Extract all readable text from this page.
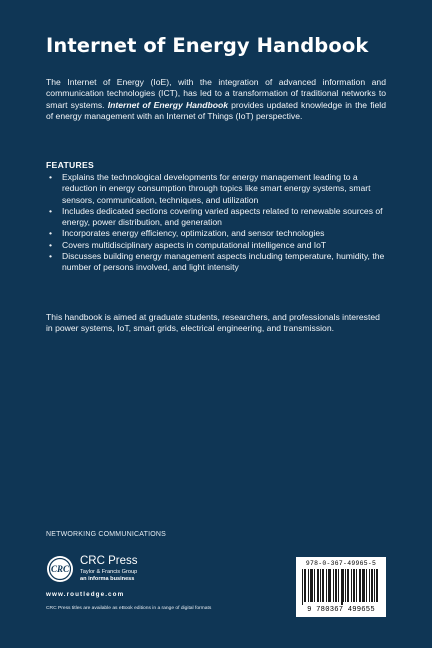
Internet of Energy Handbook

The Internet of Energy (IoE), with the integration of advanced information and communication technologies (ICT), has led to a transformation of traditional networks to smart systems. Internet of Energy Handbook provides updated knowledge in the field of energy management with an Internet of Things (IoT) perspective.

FEATURES
• Explains the technological developments for energy management leading to a reduction in energy consumption through topics like smart energy systems, smart sensors, communication, techniques, and utilization
• Includes dedicated sections covering varied aspects related to renewable sources of energy, power distribution, and generation
• Incorporates energy efficiency, optimization, and sensor technologies
• Covers multidisciplinary aspects in computational intelligence and IoT
• Discusses building energy management aspects including temperature, humidity, the number of persons involved, and light intensity

This handbook is aimed at graduate students, researchers, and professionals interested in power systems, IoT, smart grids, electrical engineering, and transmission.

NETWORKING COMMUNICATIONS
CRC
CRC Press
Taylor & Francis Group
an informa business
www.routledge.com
CRC Press titles are available as eBook editions in a range of digital formats
978-0-367-49965-5
9 780367 499655
